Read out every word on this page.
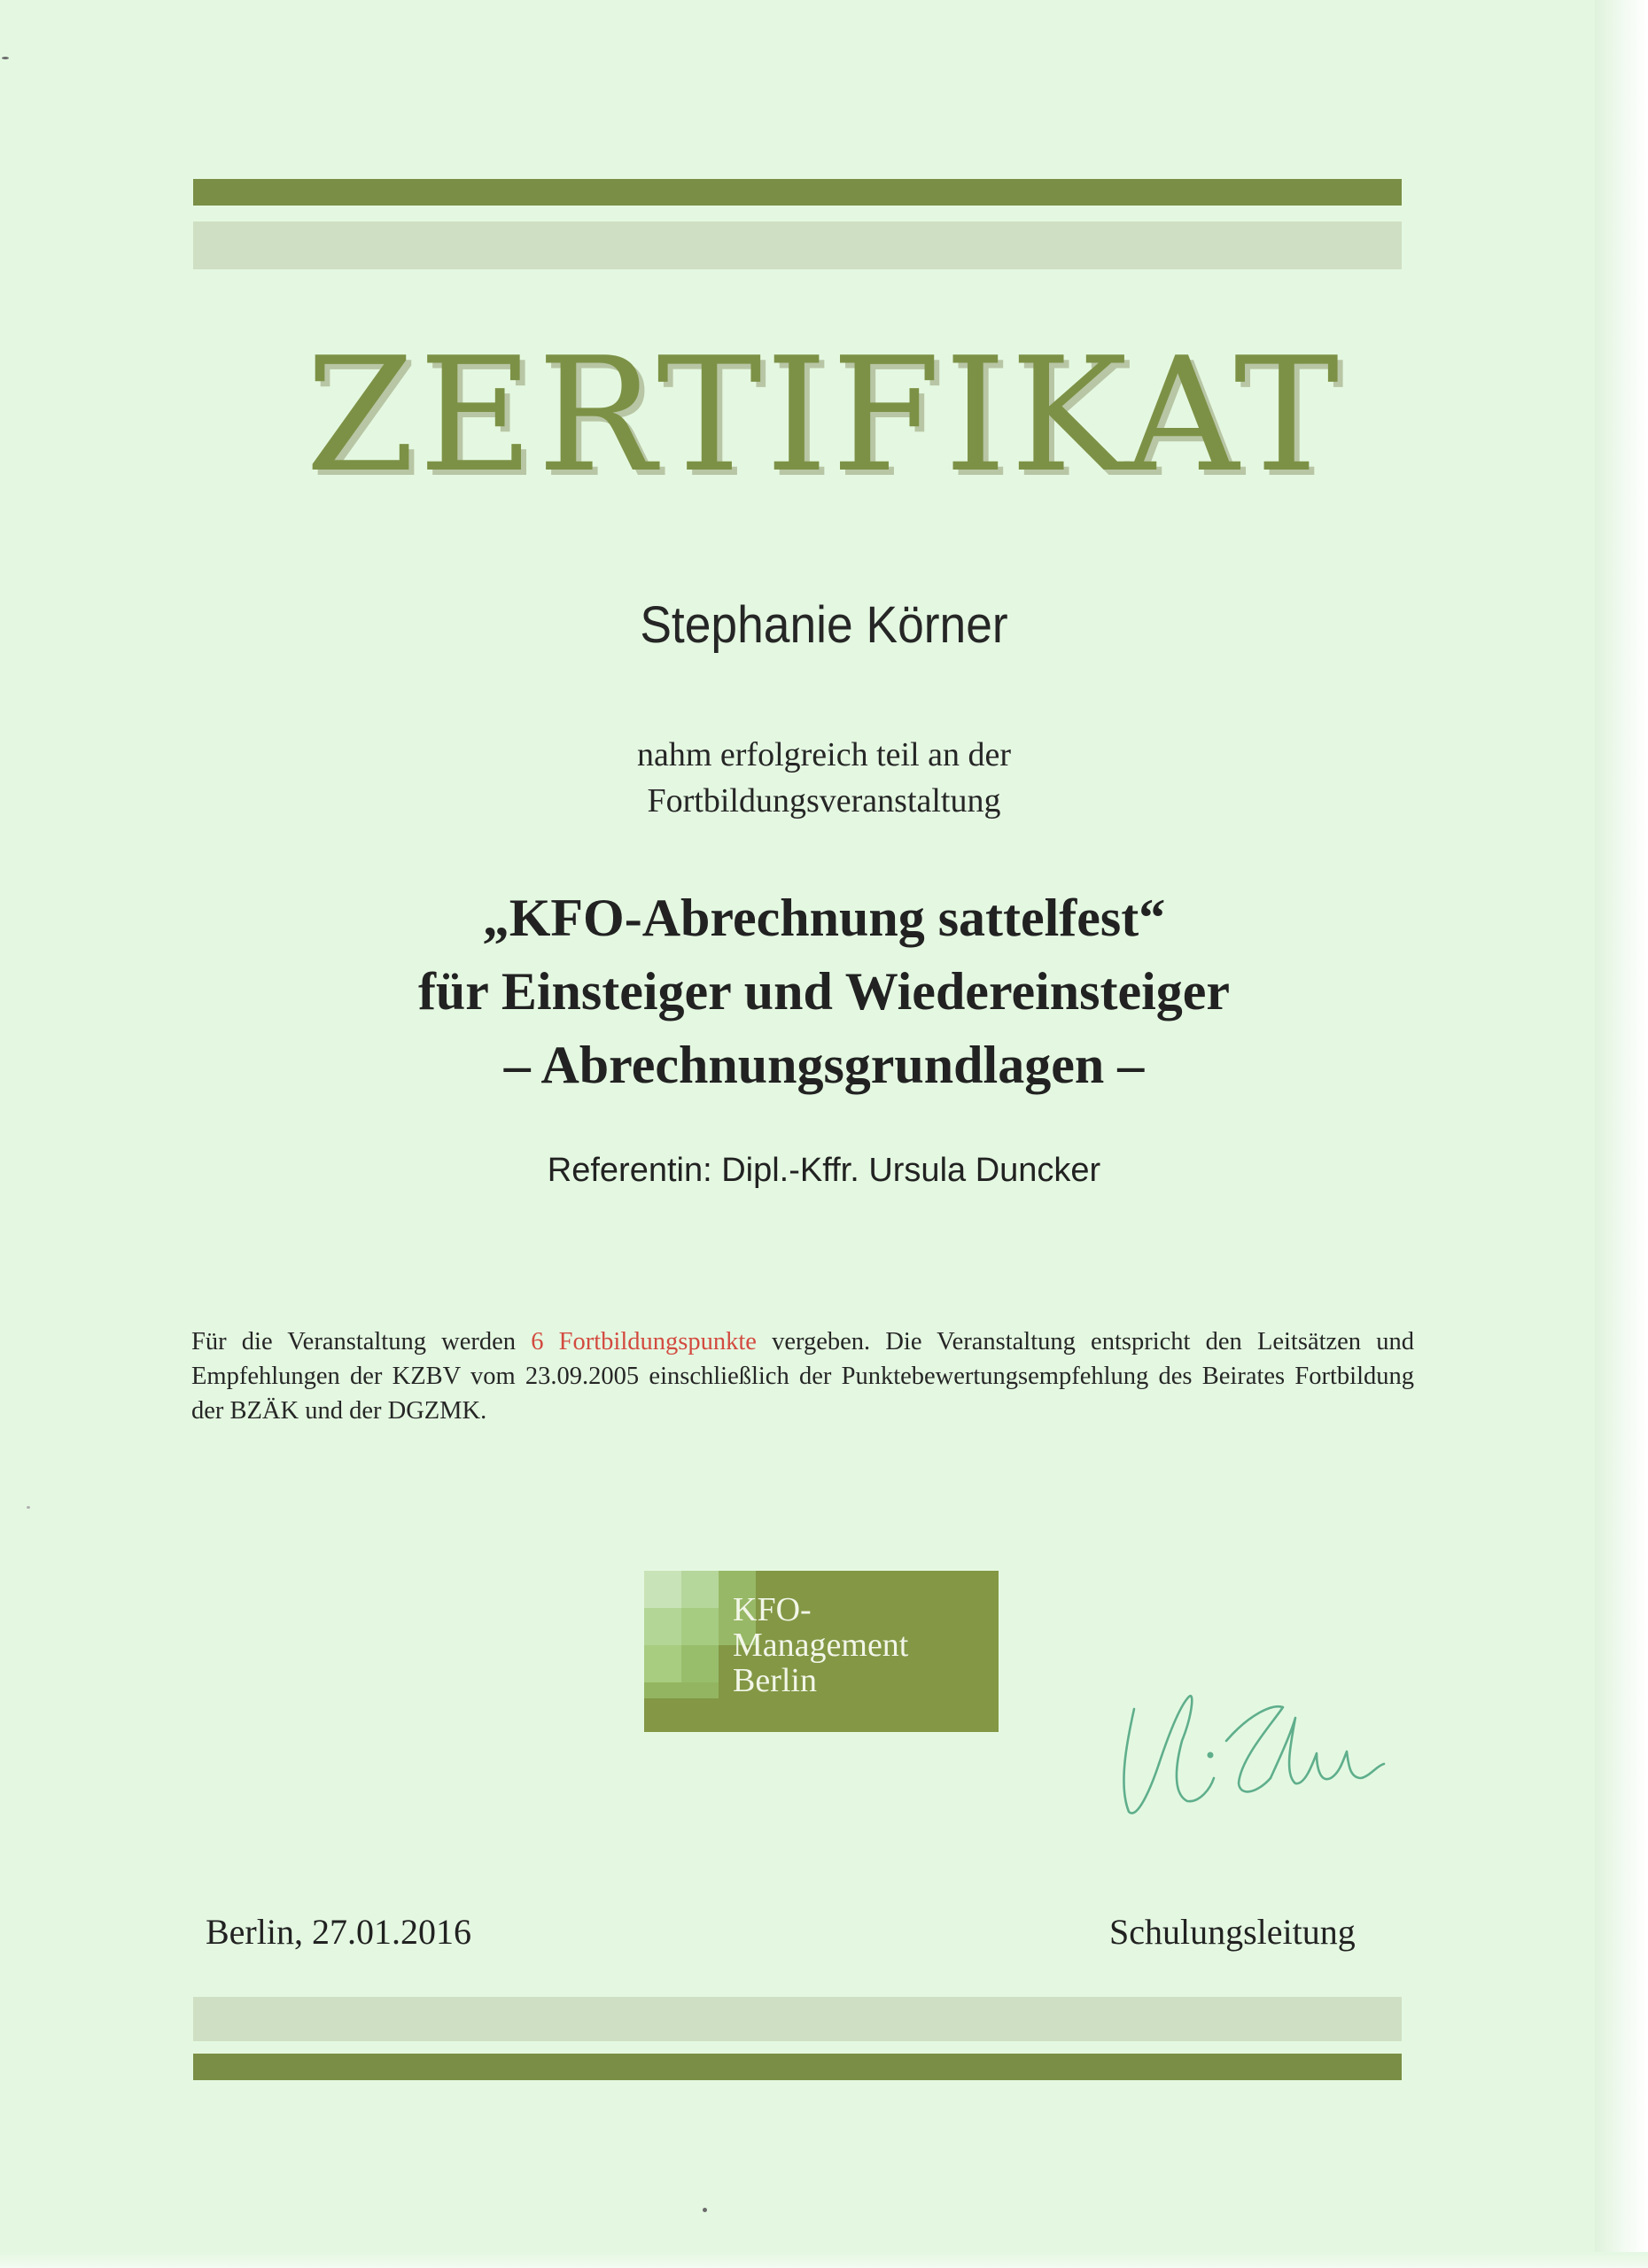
ZERTIFIKAT
Stephanie Körner
nahm erfolgreich teil an der
Fortbildungsveranstaltung
„KFO-Abrechnung sattelfest“
für Einsteiger und Wiedereinsteiger
– Abrechnungsgrundlagen –
Referentin: Dipl.-Kffr. Ursula Duncker
Für die Veranstaltung werden 6 Fortbildungspunkte vergeben. Die Veranstaltung entspricht den Leitsätzen und Empfehlungen der KZBV vom 23.09.2005 einschließlich der Punktebewertungsempfehlung des Beirates Fortbildung der BZÄK und der DGZMK.
KFO-
Management
Berlin
Berlin, 27.01.2016	Schulungsleitung
